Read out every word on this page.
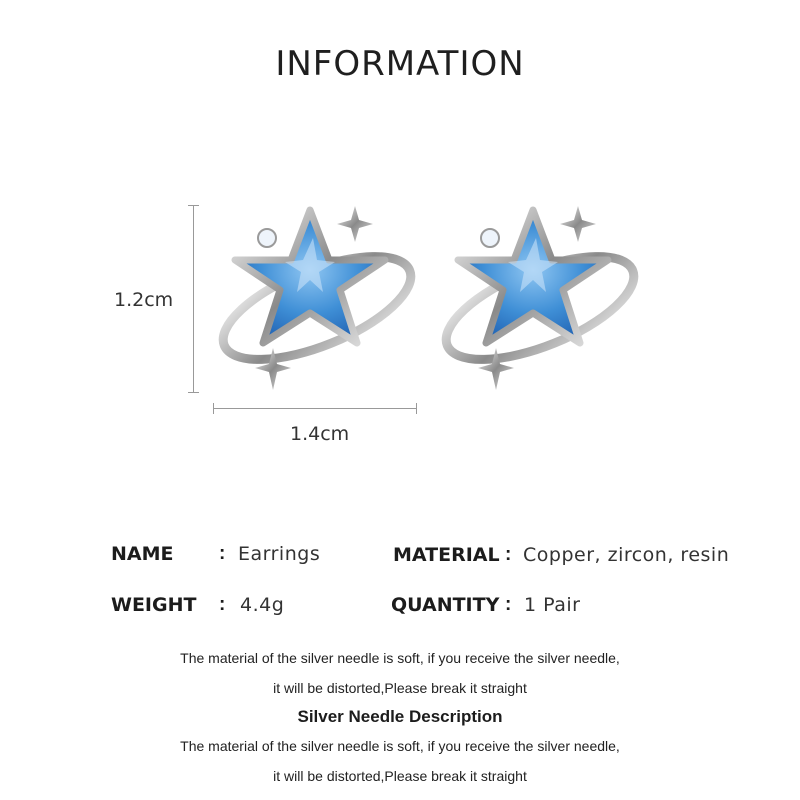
INFORMATION
1.2cm
1.4cm
NAME : Earrings	MATERIAL : Copper, zircon, resin
WEIGHT : 4.4g	QUANTITY : 1 Pair
The material of the silver needle is soft, if you receive the silver needle,
it will be distorted,Please break it straight
Silver Needle Description
The material of the silver needle is soft, if you receive the silver needle,
it will be distorted,Please break it straight
